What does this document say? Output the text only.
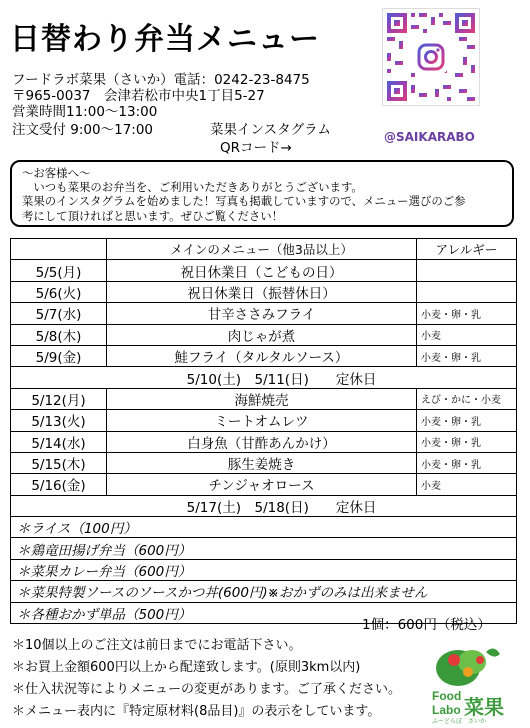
日替わり弁当メニュー
フードラボ菜果（さいか）電話：0242-23-8475
〒965-0037　会津若松市中央1丁目5-27
営業時間11:00〜13:00
注文受付 9:00〜17:00	菜果インスタグラム
QRコード→
@SAIKARABO
〜お客様へ〜
　いつも菜果のお弁当を、ご利用いただきありがとうございます。
菜果のインスタグラムを始めました！写真も掲載していますので、メニュー選びのご参
考にして頂ければと思います。ぜひご覧ください！
	メインのメニュー（他3品以上）	アレルギー
5/5(月)	祝日休業日（こどもの日）	
5/6(火)	祝日休業日（振替休日）	
5/7(水)	甘辛ささみフライ	小麦・卵・乳
5/8(木)	肉じゃが煮	小麦
5/9(金)	鮭フライ（タルタルソース）	小麦・卵・乳
5/10(土)　5/11(日)　　定休日		
5/12(月)	海鮮焼売	えび・かに・小麦
5/13(火)	ミートオムレツ	小麦・卵・乳
5/14(水)	白身魚（甘酢あんかけ）	小麦・卵・乳
5/15(木)	豚生姜焼き	小麦・卵・乳
5/16(金)	チンジャオロース	小麦
5/17(土)　5/18(日)　　定休日		
＊ライス（100円）		
＊鶏竜田揚げ弁当（600円）		
＊菜果カレー弁当（600円）		
＊菜果特製ソースのソースかつ丼(600円)※おかずのみは出来ません		
＊各種おかず単品（500円）		
1個：600円（税込）
＊10個以上のご注文は前日までにお電話下さい。
＊お買上金額600円以上から配達致します。(原則3km以内)
＊仕入状況等によりメニューの変更があります。ご了承ください。
＊メニュー表内に『特定原材料(8品目)』の表示をしています。
Food
Labo 菜果
ふーどらぼ　さいか
